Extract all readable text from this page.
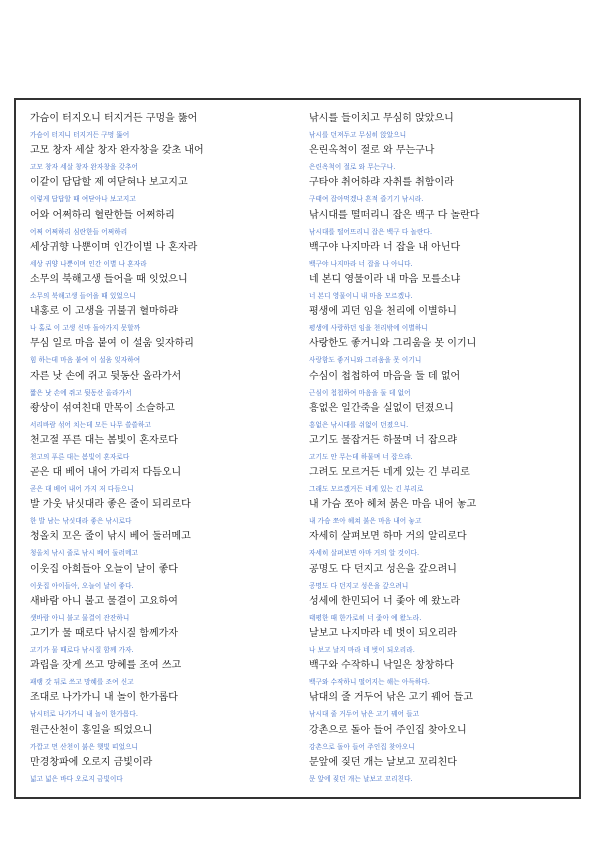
가슴이 터지오니 터지거든 구멍을 뚫어
가슴이 터지니 터지거든 구멍 뚫어
고모 창자 세살 창자 완자창을 갖초 내어
고모 창자 세살 창자 완자창을 갖추어
이같이 답답할 제 여닫혀나 보고지고
이렇게 답답할 때 여닫아나 보고지고
어와 어쩌하리 혈란한들 어쩌하리
어쩌 어쩌하리 심란한들 어쩌하리
세상귀향 나뿐이며 인간이별 나 혼자라
세상 귀양 나뿐이며 인간 이별 나 혼자라
소무의 북해고생 들어을 때 잇었으니
소무의 북해고생 들어을 때 있었으니
내홍로 이 고생을 귀불귀 혈마하랴
나 홀로 이 고생 신마 돌아가지 못할까
무심 일로 마음 붙여 이 설움 잊자하리
힘 하는데 마음 붙여 이 설움 잊자하여
자른 낫 손에 쥐고 뒷동산 올라가서
짧은 낫 손에 쥐고 뒷동산 올라가서
좡상이 섞여친대 만목이 소슬하고
서리바람 섞어 치는데 모든 나무 쓸쓸하고
천고절 푸른 대는 봄빛이 혼자로다
천고의 푸른 대는 봄빛이 혼자로다
곧은 대 베어 내어 가리저 다듬오니
곧은 대 베어 내어 가지 저 다듬으니
발 가웃 낚싯대라 좋은 줄이 되리로다
한 발 남는 낚싯대라 좋은 낚시로다
청올치 꼬은 줄이 낚시 베어 둘러메고
청올치 낚시 줄로 낚시 베어 둘러메고
이웃집 아희들아 오늘이 날이 좋다
이웃집 아이들아, 오늘이 날이 좋다.
새바람 아니 불고 물결이 고요하여
샛바람 아니 불고 물결이 잔잔하니
고기가 물 때로다 낚시질 함께가자
고기가 물 때로다 낚시질 함께 가자.
과립을 잣게 쓰고 망혜를 조여 쓰고
패랭 갓 뒤로 쓰고 망혜를 조여 신고
조대로 나가가니 내 놀이 한가롭다
낚시터로 나가가니 내 놀이 한가롭다.
원근산천이 홍일을 띄었으니
가깝고 먼 산천이 붉은 햇빛 띠었으니
만경창파에 오로지 금빛이라
넓고 넓은 바다 오로지 금빛이다
낚시를 들이치고 무심히 앉았으니
낚시를 던져두고 무심히 앉았으니
은린옥척이 절로 와 무는구나
은린옥척이 절로 와 무는구나.
구타야 취어하랴 자취를 취함이라
구태여 잡아먹겠나 흔적 즐기기 낚시라.
낚시대를 떨떠리니 잡은 백구 다 놀란다
낚시대를 떨어뜨리니 잡은 백구 다 놀란다.
백구야 나지마라 너 잡을 내 아닌다
백구야 나지마라 너 잡을 나 아니다.
네 본디 영물이라 내 마음 모를소냐
너 본디 영물이니 내 마음 모르겠나.
평생에 괴던 임을 천리에 이별하니
평생에 사랑하던 임을 천리밖에 이별하니
사랑한도 좋거니와 그리움을 못 이기니
사랑함도 좋거니와 그리움을 못 이기니
수심이 첩첩하여 마음을 둘 데 없어
근심이 첩첩하여 마음을 둘 데 없어
흥없은 일간죽을 실없이 던졌으니
흥없은 낚시대를 쉬없이 던졌으니.
고기도 물잡거든 하물며 너 잡으랴
고기도 안 무는데 하물며 너 잡으랴.
그려도 모르거든 네게 있는 긴 부리로
그래도 모르겠거든 네게 있는 긴 부리로
내 가슴 쪼아 헤쳐 붉은 마음 내어 놓고
내 가슴 쪼아 헤쳐 붉은 마음 내어 놓고
자세히 살펴보면 하마 거의 알리로다
자세히 살펴보면 아마 거의 알 것이다.
공명도 다 던지고 성은을 갚으려니
공명도 다 던지고 성은을 갚으려니
성세에 한민되어 너 좇아 예 왔노라
태평한 때 한가로히 너 좇아 예 왔노라.
날보고 나지마라 네 벗이 되오리라
나 보고 날지 마라 네 벗이 되오리라.
백구와 수작하니 낙일은 창창하다
백구와 수작하니 떨어지는 해는 아득하다.
낚대의 줄 거두어 낚은 고기 꿰어 들고
낚시대 줄 거두어 낚은 고기 꿰어 들고
강촌으로 돌아 들어 주인집 찾아오니
강촌으로 돌아 들어 주인집 찾아오니
문앞에 짖던 개는 날보고 꼬리친다
문 앞에 짖던 개는 날보고 꼬리친다.
